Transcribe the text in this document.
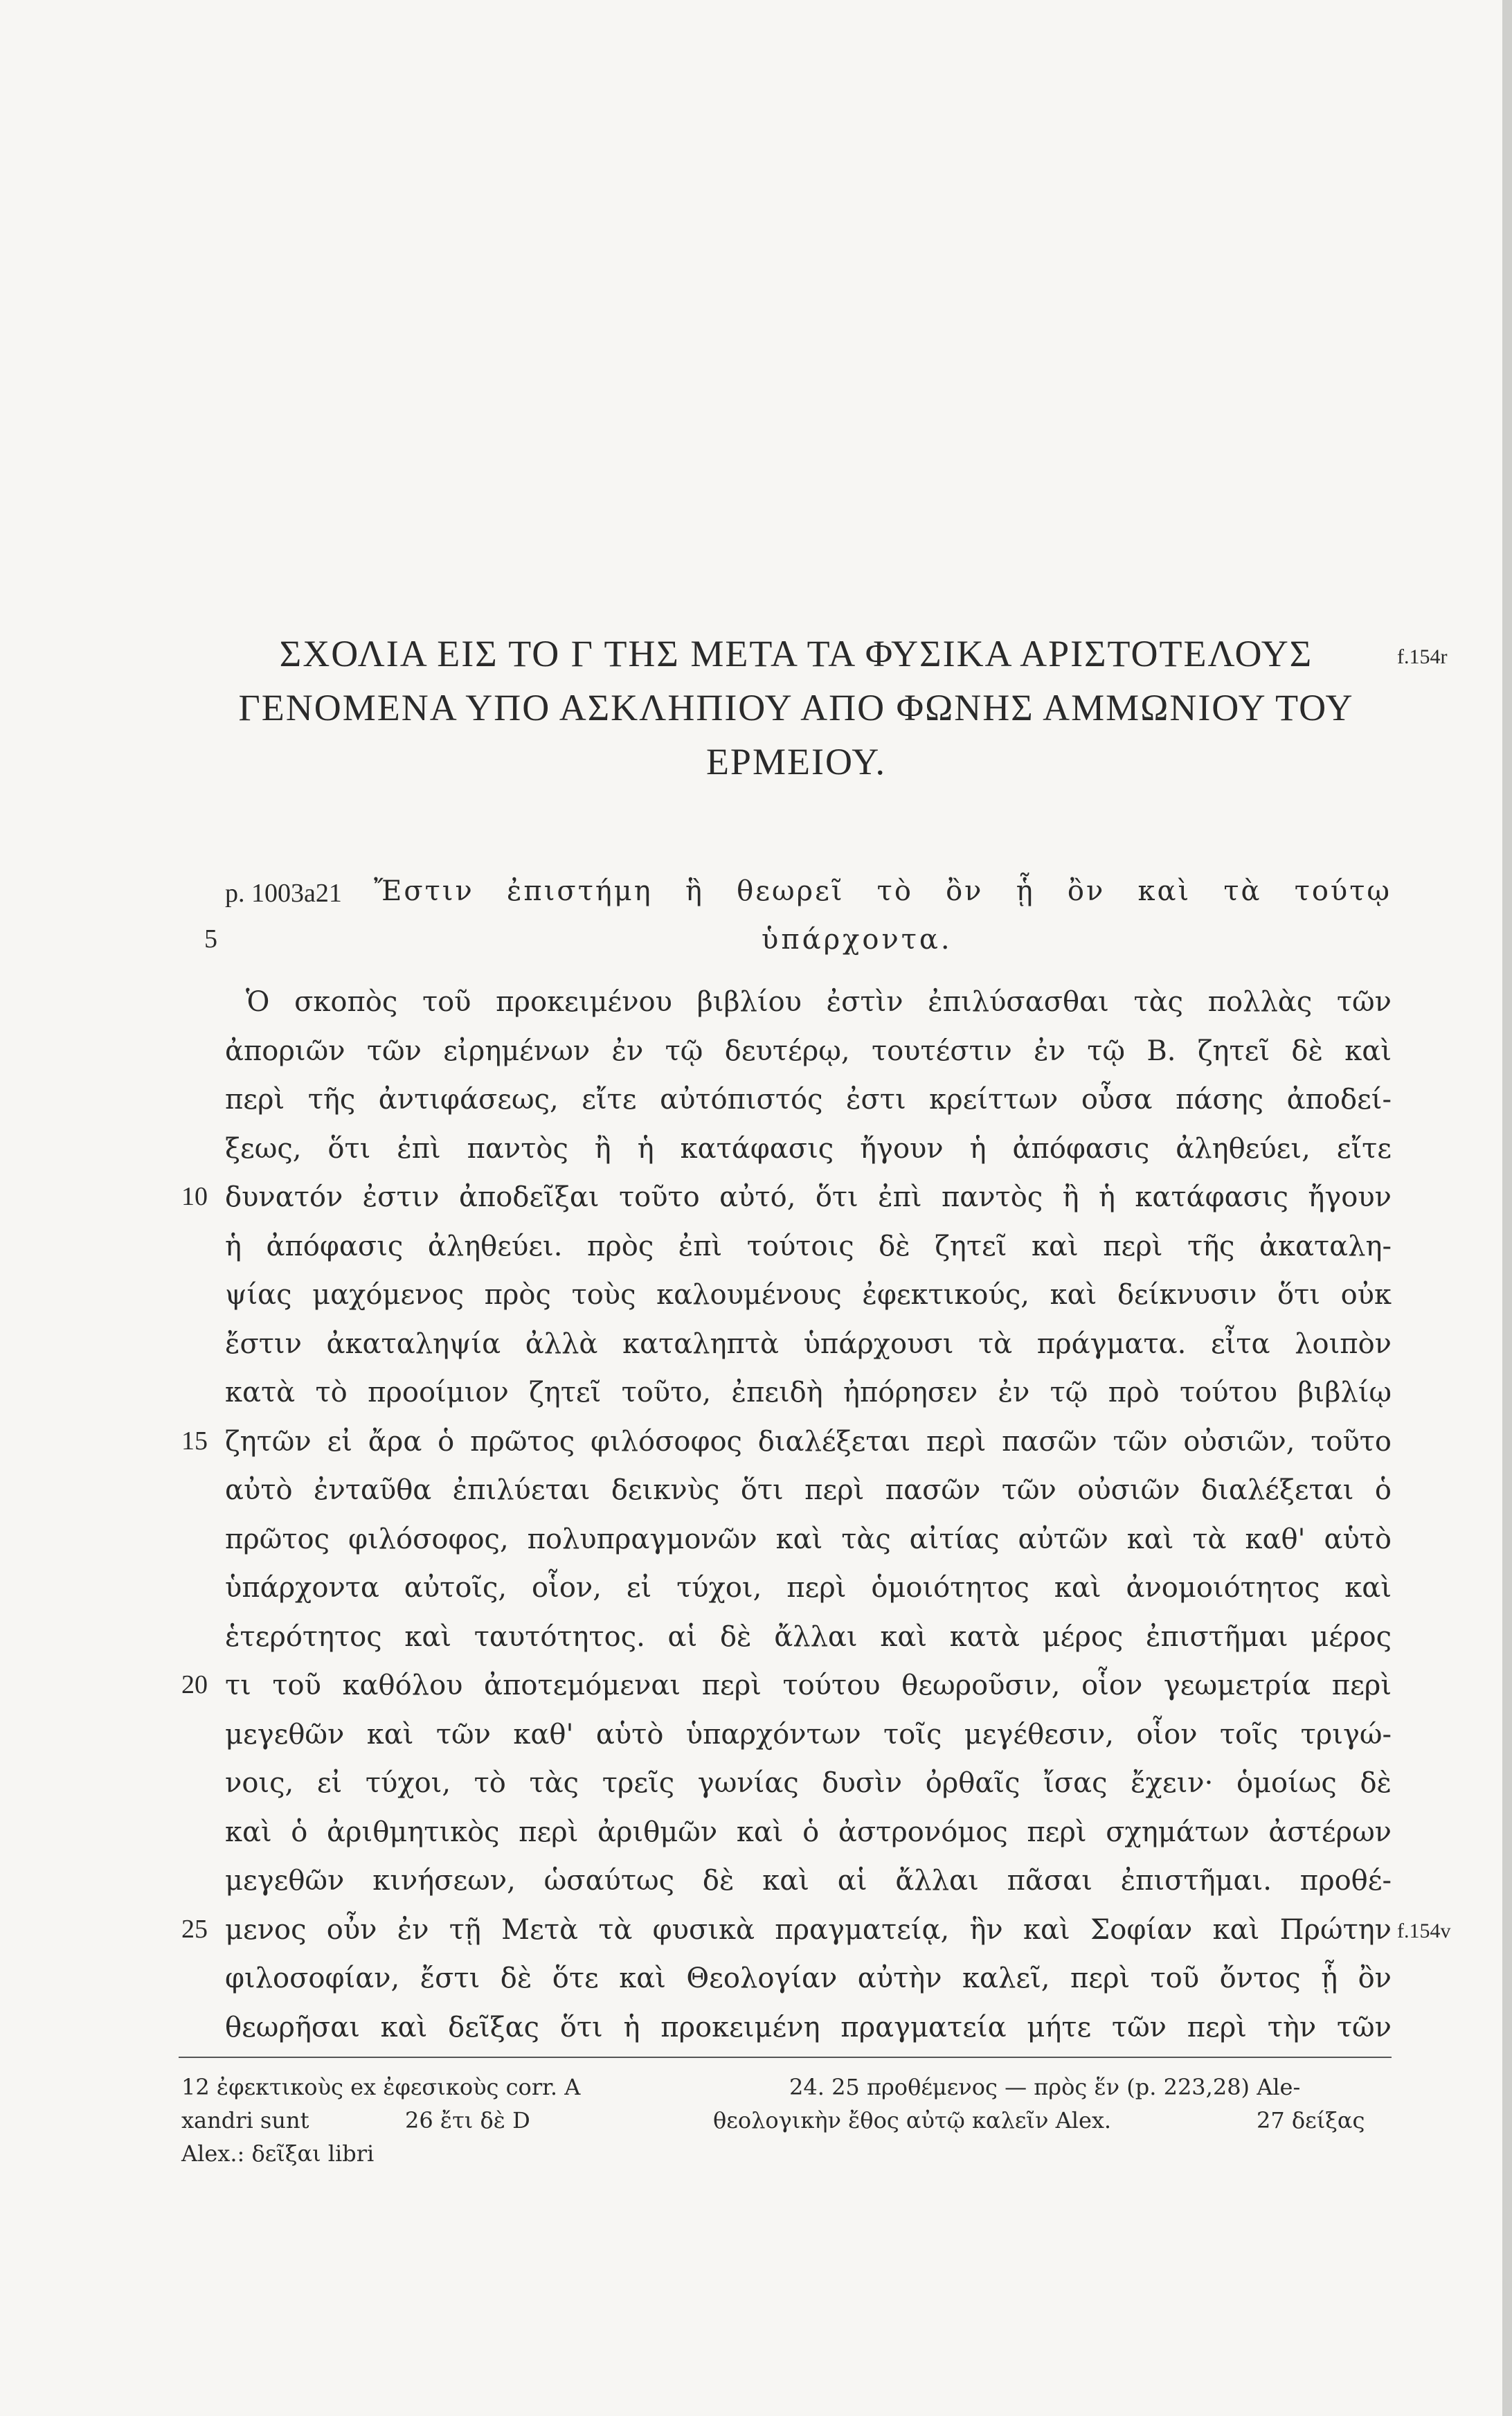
ΣΧΟΛΙΑ ΕΙΣ ΤΟ Γ ΤΗΣ ΜΕΤΑ ΤΑ ΦΥΣΙΚΑ ΑΡΙΣΤΟΤΕΛΟΥΣ
ΓΕΝΟΜΕΝΑ ΥΠΟ ΑΣΚΛΗΠΙΟΥ ΑΠΟ ΦΩΝΗΣ ΑΜΜΩΝΙΟΥ ΤΟΥ
ΕΡΜΕΙΟΥ.
f.154r
p. 1003a21 Ἔστιν ἐπιστήμη ἣ θεωρεῖ τὸ ὂν ᾗ ὂν καὶ τὰ τούτῳ
ὑπάρχοντα.
Ὁ σκοπὸς τοῦ προκειμένου βιβλίου ἐστὶν ἐπιλύσασθαι τὰς πολλὰς τῶν
ἀποριῶν τῶν εἰρημένων ἐν τῷ δευτέρῳ, τουτέστιν ἐν τῷ B. ζητεῖ δὲ καὶ
περὶ τῆς ἀντιφάσεως, εἴτε αὐτόπιστός ἐστι κρείττων οὖσα πάσης ἀποδεί-
ξεως, ὅτι ἐπὶ παντὸς ἢ ἡ κατάφασις ἤγουν ἡ ἀπόφασις ἀληθεύει, εἴτε
δυνατόν ἐστιν ἀποδεῖξαι τοῦτο αὐτό, ὅτι ἐπὶ παντὸς ἢ ἡ κατάφασις ἤγουν
ἡ ἀπόφασις ἀληθεύει. πρὸς ἐπὶ τούτοις δὲ ζητεῖ καὶ περὶ τῆς ἀκαταλη-
ψίας μαχόμενος πρὸς τοὺς καλουμένους ἐφεκτικούς, καὶ δείκνυσιν ὅτι οὐκ
ἔστιν ἀκαταληψία ἀλλὰ καταληπτὰ ὑπάρχουσι τὰ πράγματα. εἶτα λοιπὸν
κατὰ τὸ προοίμιον ζητεῖ τοῦτο, ἐπειδὴ ἠπόρησεν ἐν τῷ πρὸ τούτου βιβλίῳ
ζητῶν εἰ ἄρα ὁ πρῶτος φιλόσοφος διαλέξεται περὶ πασῶν τῶν οὐσιῶν, τοῦτο
αὐτὸ ἐνταῦθα ἐπιλύεται δεικνὺς ὅτι περὶ πασῶν τῶν οὐσιῶν διαλέξεται ὁ
πρῶτος φιλόσοφος, πολυπραγμονῶν καὶ τὰς αἰτίας αὐτῶν καὶ τὰ καθ' αὑτὸ
ὑπάρχοντα αὐτοῖς, οἷον, εἰ τύχοι, περὶ ὁμοιότητος καὶ ἀνομοιότητος καὶ
ἑτερότητος καὶ ταυτότητος. αἱ δὲ ἄλλαι καὶ κατὰ μέρος ἐπιστῆμαι μέρος
τι τοῦ καθόλου ἀποτεμόμεναι περὶ τούτου θεωροῦσιν, οἷον γεωμετρία περὶ
μεγεθῶν καὶ τῶν καθ' αὑτὸ ὑπαρχόντων τοῖς μεγέθεσιν, οἷον τοῖς τριγώ-
νοις, εἰ τύχοι, τὸ τὰς τρεῖς γωνίας δυσὶν ὀρθαῖς ἴσας ἔχειν· ὁμοίως δὲ
καὶ ὁ ἀριθμητικὸς περὶ ἀριθμῶν καὶ ὁ ἀστρονόμος περὶ σχημάτων ἀστέρων
μεγεθῶν κινήσεων, ὡσαύτως δὲ καὶ αἱ ἄλλαι πᾶσαι ἐπιστῆμαι. προθέ-
μενος οὖν ἐν τῇ Μετὰ τὰ φυσικὰ πραγματείᾳ, ἣν καὶ Σοφίαν καὶ Πρώτην
φιλοσοφίαν, ἔστι δὲ ὅτε καὶ Θεολογίαν αὐτὴν καλεῖ, περὶ τοῦ ὄντος ᾗ ὂν
θεωρῆσαι καὶ δεῖξας ὅτι ἡ προκειμένη πραγματεία μήτε τῶν περὶ τὴν τῶν
5
10
15
20
25	f.154v
12 ἐφεκτικοὺς ex ἐφεσικοὺς corr. A	24. 25 προθέμενος — πρὸς ἕν (p. 223,28) Ale-
xandri sunt	26 ἔτι δὲ D	θεολογικὴν ἔθος αὐτῷ καλεῖν Alex.	27 δείξας
Alex.: δεῖξαι libri
